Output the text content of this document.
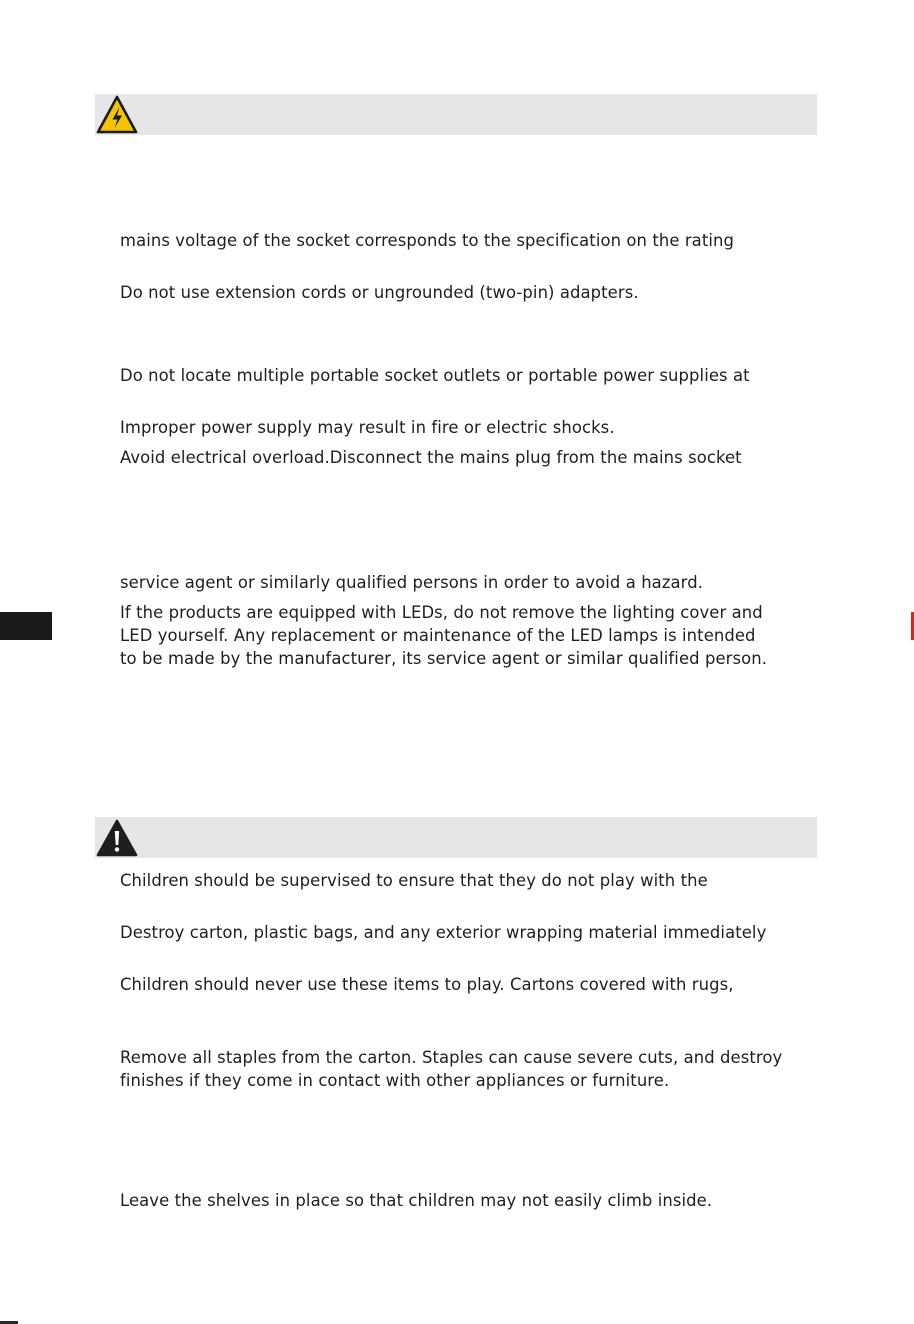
mains voltage of the socket corresponds to the specification on the rating
Do not use extension cords or ungrounded (two-pin) adapters.
Do not locate multiple portable socket outlets or portable power supplies at
Improper power supply may result in fire or electric shocks.
Avoid electrical overload.Disconnect the mains plug from the mains socket
service agent or similarly qualified persons in order to avoid a hazard.
If the products are equipped with LEDs, do not remove the lighting cover and
LED yourself. Any replacement or maintenance of the LED lamps is intended
to be made by the manufacturer, its service agent or similar qualified person.
Children should be supervised to ensure that they do not play with the
Destroy carton, plastic bags, and any exterior wrapping material immediately
Children should never use these items to play. Cartons covered with rugs,
Remove all staples from the carton. Staples can cause severe cuts, and destroy
finishes if they come in contact with other appliances or furniture.
Leave the shelves in place so that children may not easily climb inside.
